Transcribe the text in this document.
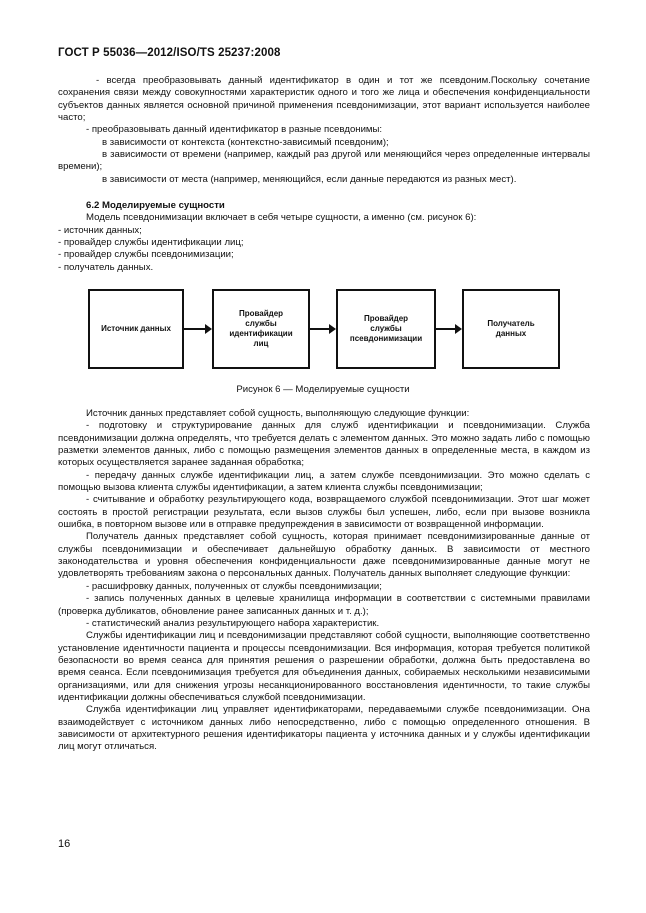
ГОСТ Р 55036—2012/ISO/TS 25237:2008

- всегда преобразовывать данный идентификатор в один и тот же псевдоним.Поскольку сочетание сохранения связи между совокупностями характеристик одного и того же лица и обеспечения конфиденциальности субъектов данных является основной причиной применения псевдонимизации, этот вариант используется наиболее часто;

- преобразовывать данный идентификатор в разные псевдонимы:

в зависимости от контекста (контекстно-зависимый псевдоним);

в зависимости от времени (например, каждый раз другой или меняющийся через определенные интервалы времени);

в зависимости от места (например, меняющийся, если данные передаются из разных мест).

6.2 Моделируемые сущности

Модель псевдонимизации включает в себя четыре сущности, а именно (см. рисунок 6):

- источник данных;

- провайдер службы идентификации лиц;

- провайдер службы псевдонимизации;

- получатель данных.

Источник данных
Провайдер
службы
идентификации
лиц
Провайдер
службы
псевдонимизации
Получатель
данных
Рисунок 6 — Моделируемые сущности

Источник данных представляет собой сущность, выполняющую следующие функции:

- подготовку и структурирование данных для служб идентификации и псевдонимизации. Служба псевдонимизации должна определять, что требуется делать с элементом данных. Это можно задать либо с помощью разметки элементов данных, либо с помощью размещения элементов данных в определенные места, в каждом из которых осуществляется заранее заданная обработка;

- передачу данных службе идентификации лиц, а затем службе псевдонимизации. Это можно сделать с помощью вызова клиента службы идентификации, а затем клиента службы псевдонимизации;

- считывание и обработку результирующего кода, возвращаемого службой псевдонимизации. Этот шаг может состоять в простой регистрации результата, если вызов службы был успешен, либо, если при вызове возникла ошибка, в повторном вызове или в отправке предупреждения в зависимости от возвращенной информации.

Получатель данных представляет собой сущность, которая принимает псевдонимизированные данные от службы псевдонимизации и обеспечивает дальнейшую обработку данных. В зависимости от местного законодательства и уровня обеспечения конфиденциальности даже псевдонимизированные данные могут не удовлетворять требованиям закона о персональных данных. Получатель данных выполняет следующие функции:

- расшифровку данных, полученных от службы псевдонимизации;

- запись полученных данных в целевые хранилища информации в соответствии с системными правилами (проверка дубликатов, обновление ранее записанных данных и т. д.);

- статистический анализ результирующего набора характеристик.

Службы идентификации лиц и псевдонимизации представляют собой сущности, выполняющие соответственно установление идентичности пациента и процессы псевдонимизации. Вся информация, которая требуется политикой безопасности во время сеанса для принятия решения о разрешении обработки, должна быть предоставлена во время сеанса. Если псевдонимизация требуется для объединения данных, собираемых несколькими независимыми организациями, или для снижения угрозы несанкционированного восстановления идентичности, то такие службы идентификации должны обеспечиваться службой псевдонимизации.

Служба идентификации лиц управляет идентификаторами, передаваемыми службе псевдонимизации. Она взаимодействует с источником данных либо непосредственно, либо с помощью определенного отношения. В зависимости от архитектурного решения идентификаторы пациента у источника данных и у службы идентификации лиц могут отличаться.

16
